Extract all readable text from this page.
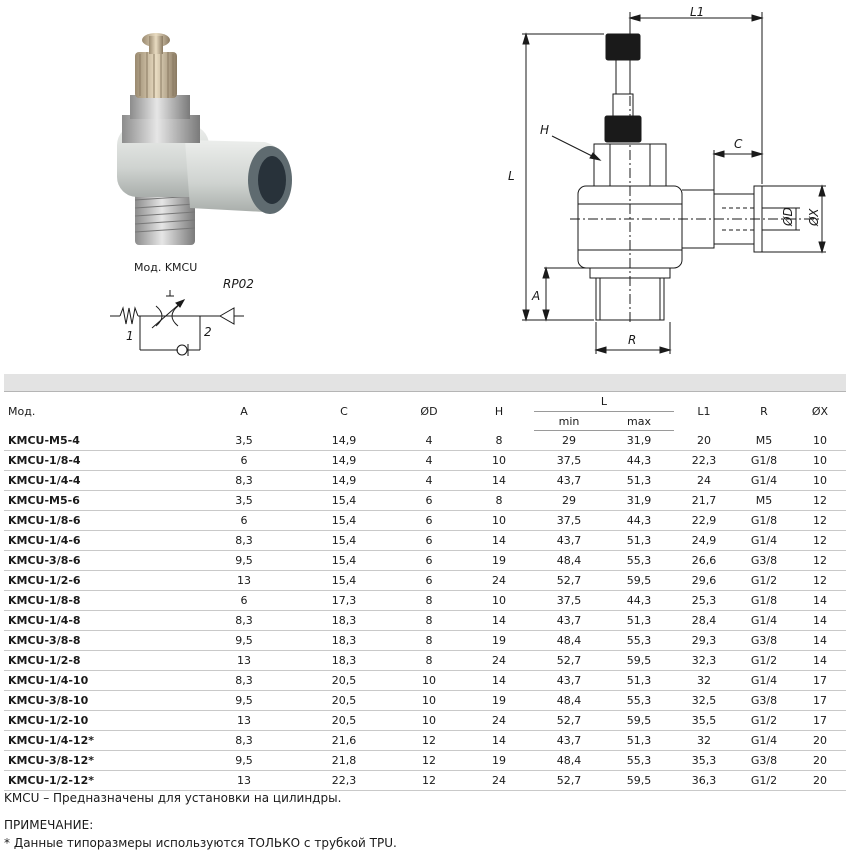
Мод. KMCU
RP02
1	2
L1
L
H
C
A
R
ØD ØX

Мод.	A	C	ØD	H	L		L1	R	ØX
					min	max			
KMCU-M5-4	3,5	14,9	4	8	29	31,9	20	M5	10
KMCU-1/8-4	6	14,9	4	10	37,5	44,3	22,3	G1/8	10
KMCU-1/4-4	8,3	14,9	4	14	43,7	51,3	24	G1/4	10
KMCU-M5-6	3,5	15,4	6	8	29	31,9	21,7	M5	12
KMCU-1/8-6	6	15,4	6	10	37,5	44,3	22,9	G1/8	12
KMCU-1/4-6	8,3	15,4	6	14	43,7	51,3	24,9	G1/4	12
KMCU-3/8-6	9,5	15,4	6	19	48,4	55,3	26,6	G3/8	12
KMCU-1/2-6	13	15,4	6	24	52,7	59,5	29,6	G1/2	12
KMCU-1/8-8	6	17,3	8	10	37,5	44,3	25,3	G1/8	14
KMCU-1/4-8	8,3	18,3	8	14	43,7	51,3	28,4	G1/4	14
KMCU-3/8-8	9,5	18,3	8	19	48,4	55,3	29,3	G3/8	14
KMCU-1/2-8	13	18,3	8	24	52,7	59,5	32,3	G1/2	14
KMCU-1/4-10	8,3	20,5	10	14	43,7	51,3	32	G1/4	17
KMCU-3/8-10	9,5	20,5	10	19	48,4	55,3	32,5	G3/8	17
KMCU-1/2-10	13	20,5	10	24	52,7	59,5	35,5	G1/2	17
KMCU-1/4-12*	8,3	21,6	12	14	43,7	51,3	32	G1/4	20
KMCU-3/8-12*	9,5	21,8	12	19	48,4	55,3	35,3	G3/8	20
KMCU-1/2-12*	13	22,3	12	24	52,7	59,5	36,3	G1/2	20
KMCU – Предназначены для установки на цилиндры.
ПРИМЕЧАНИЕ:
* Данные типоразмеры используются ТОЛЬКО с трубкой TPU.
